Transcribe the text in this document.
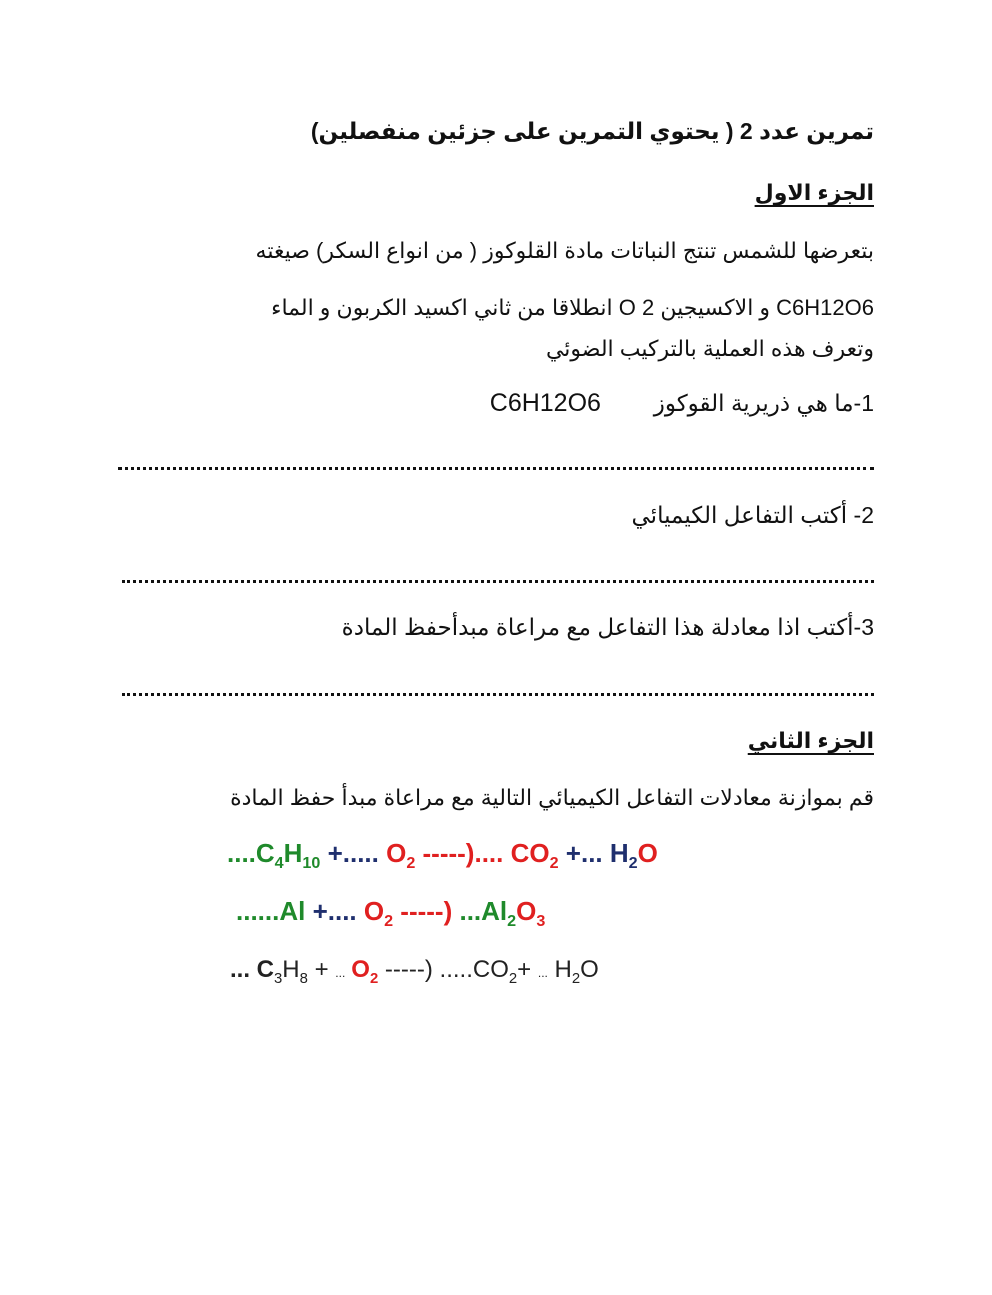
تمرين عدد 2 ( يحتوي التمرين على جزئين منفصلين)
الجزء الاول
بتعرضها للشمس تنتج النباتات مادة القلوكوز ( من انواع السكر) صيغته
C6H12O6 و الاكسيجين 2 O انطلاقا من ثاني اكسيد الكربون و الماء
وتعرف هذه العملية بالتركيب الضوئي
1-ما هي ذريرية القوكوز  C6H12O6
2- أكتب التفاعل الكيميائي
3-أكتب اذا معادلة هذا التفاعل مع مراعاة مبدأحفظ المادة
الجزء الثاني
قم بموازنة معادلات التفاعل الكيميائي التالية مع مراعاة مبدأ حفظ المادة
$....C_4H_{10}$ +..... $O_2$ -----).... $CO_2$ +... $H_2O$
......Al +.... $O_2$ -----) $...Al_2O_3$
... $C_3H_8$ + ... $O_2$ -----) $.....CO_2+$ ... $H_2O$
